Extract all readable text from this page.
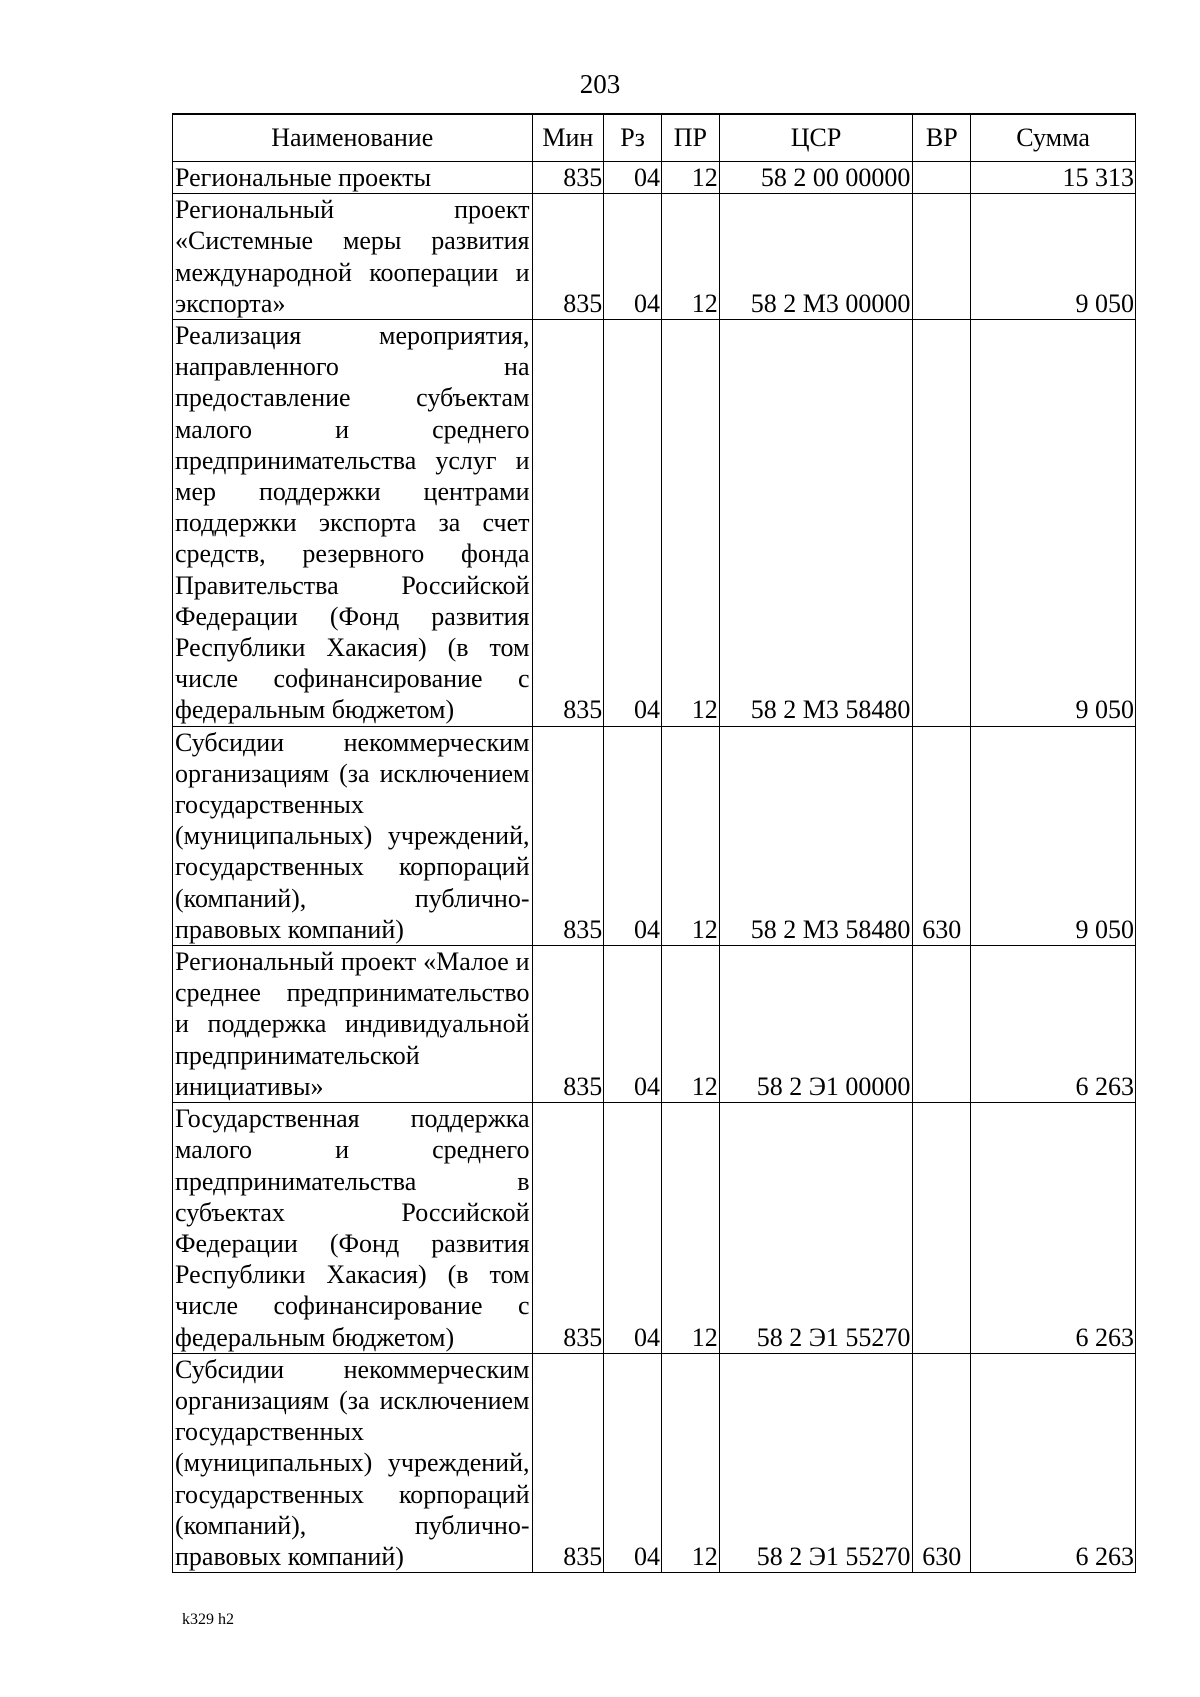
203
Наименование	Мин	Рз	ПР	ЦСР	ВР	Сумма
Региональные проекты	835	04	12	58 2 00 00000		15 313
Региональный проект «Системные меры развития международной кооперации и экспорта»	835	04	12	58 2 М3 00000		9 050
Реализация мероприятия, направленного на предоставление субъектам малого и среднего предпринимательства услуг и мер поддержки центрами поддержки экспорта за счет средств, резервного фонда Правительства Российской Федерации (Фонд развития Республики Хакасия) (в том числе софинансирование с федеральным бюджетом)	835	04	12	58 2 М3 58480		9 050
Субсидии некоммерческим организациям (за исключением государственных (муниципальных) учреждений, государственных корпораций (компаний), публично-правовых компаний)	835	04	12	58 2 М3 58480	630	9 050
Региональный проект «Малое и среднее предпринимательство и поддержка индивидуальной предпринимательской инициативы»	835	04	12	58 2 Э1 00000		6 263
Государственная поддержка малого и среднего предпринимательства в субъектах Российской Федерации (Фонд развития Республики Хакасия) (в том числе софинансирование с федеральным бюджетом)	835	04	12	58 2 Э1 55270		6 263
Субсидии некоммерческим организациям (за исключением государственных (муниципальных) учреждений, государственных корпораций (компаний), публично-правовых компаний)	835	04	12	58 2 Э1 55270	630	6 263
k329 h2
